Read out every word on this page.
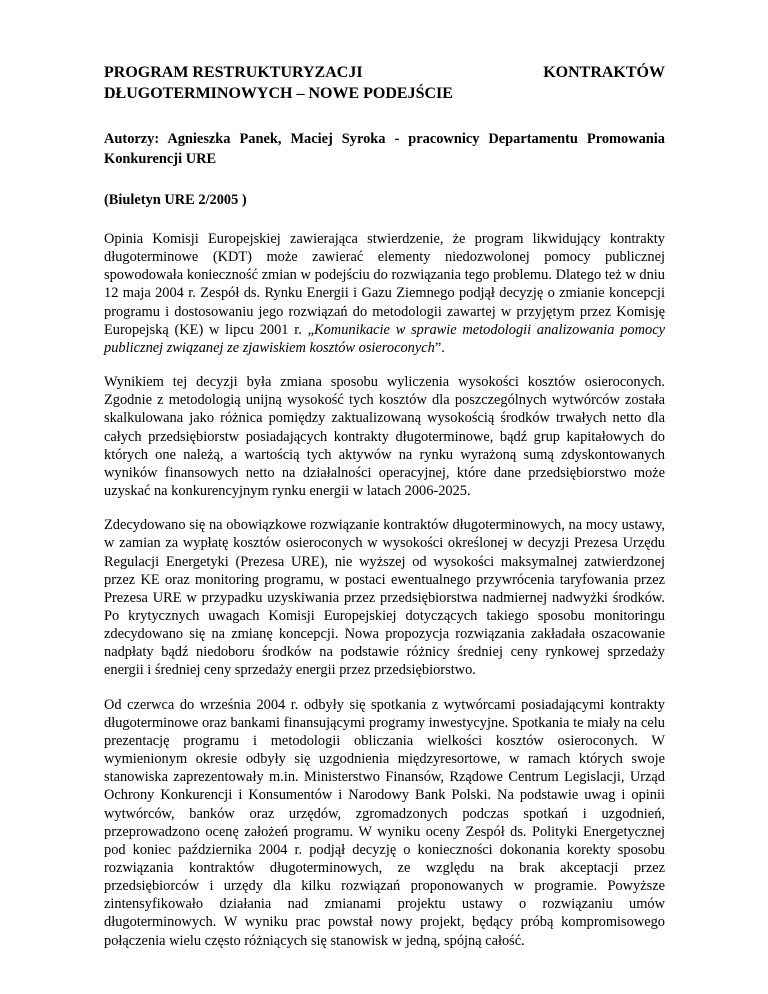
PROGRAM RESTRUKTURYZACJI	KONTRAKTÓW
DŁUGOTERMINOWYCH – NOWE PODEJŚCIE

Autorzy: Agnieszka Panek, Maciej Syroka - pracownicy Departamentu Promowania Konkurencji URE

(Biuletyn URE 2/2005 )

Opinia Komisji Europejskiej zawierająca stwierdzenie, że program likwidujący kontrakty długoterminowe (KDT) może zawierać elementy niedozwolonej pomocy publicznej spowodowała konieczność zmian w podejściu do rozwiązania tego problemu. Dlatego też w dniu 12 maja 2004 r. Zespół ds. Rynku Energii i Gazu Ziemnego podjął decyzję o zmianie koncepcji programu i dostosowaniu jego rozwiązań do metodologii zawartej w przyjętym przez Komisję Europejską (KE) w lipcu 2001 r. „Komunikacie w sprawie metodologii analizowania pomocy publicznej związanej ze zjawiskiem kosztów osieroconych”.

Wynikiem tej decyzji była zmiana sposobu wyliczenia wysokości kosztów osieroconych. Zgodnie z metodologią unijną wysokość tych kosztów dla poszczególnych wytwórców została skalkulowana jako różnica pomiędzy zaktualizowaną wysokością środków trwałych netto dla całych przedsiębiorstw posiadających kontrakty długoterminowe, bądź grup kapitałowych do których one należą, a wartością tych aktywów na rynku wyrażoną sumą zdyskontowanych wyników finansowych netto na działalności operacyjnej, które dane przedsiębiorstwo może uzyskać na konkurencyjnym rynku energii w latach 2006-2025.

Zdecydowano się na obowiązkowe rozwiązanie kontraktów długoterminowych, na mocy ustawy, w zamian za wypłatę kosztów osieroconych w wysokości określonej w decyzji Prezesa Urzędu Regulacji Energetyki (Prezesa URE), nie wyższej od wysokości maksymalnej zatwierdzonej przez KE oraz monitoring programu, w postaci ewentualnego przywrócenia taryfowania przez Prezesa URE w przypadku uzyskiwania przez przedsiębiorstwa nadmiernej nadwyżki środków. Po krytycznych uwagach Komisji Europejskiej dotyczących takiego sposobu monitoringu zdecydowano się na zmianę koncepcji. Nowa propozycja rozwiązania zakładała oszacowanie nadpłaty bądź niedoboru środków na podstawie różnicy średniej ceny rynkowej sprzedaży energii i średniej ceny sprzedaży energii przez przedsiębiorstwo.

Od czerwca do września 2004 r. odbyły się spotkania z wytwórcami posiadającymi kontrakty długoterminowe oraz bankami finansującymi programy inwestycyjne. Spotkania te miały na celu prezentację programu i metodologii obliczania wielkości kosztów osieroconych. W wymienionym okresie odbyły się uzgodnienia międzyresortowe, w ramach których swoje stanowiska zaprezentowały m.in. Ministerstwo Finansów, Rządowe Centrum Legislacji, Urząd Ochrony Konkurencji i Konsumentów i Narodowy Bank Polski. Na podstawie uwag i opinii wytwórców, banków oraz urzędów, zgromadzonych podczas spotkań i uzgodnień, przeprowadzono ocenę założeń programu. W wyniku oceny Zespół ds. Polityki Energetycznej pod koniec października 2004 r. podjął decyzję o konieczności dokonania korekty sposobu rozwiązania kontraktów długoterminowych, ze względu na brak akceptacji przez przedsiębiorców i urzędy dla kilku rozwiązań proponowanych w programie. Powyższe zintensyfikowało działania nad zmianami projektu ustawy o rozwiązaniu umów długoterminowych. W wyniku prac powstał nowy projekt, będący próbą kompromisowego połączenia wielu często różniących się stanowisk w jedną, spójną całość.
